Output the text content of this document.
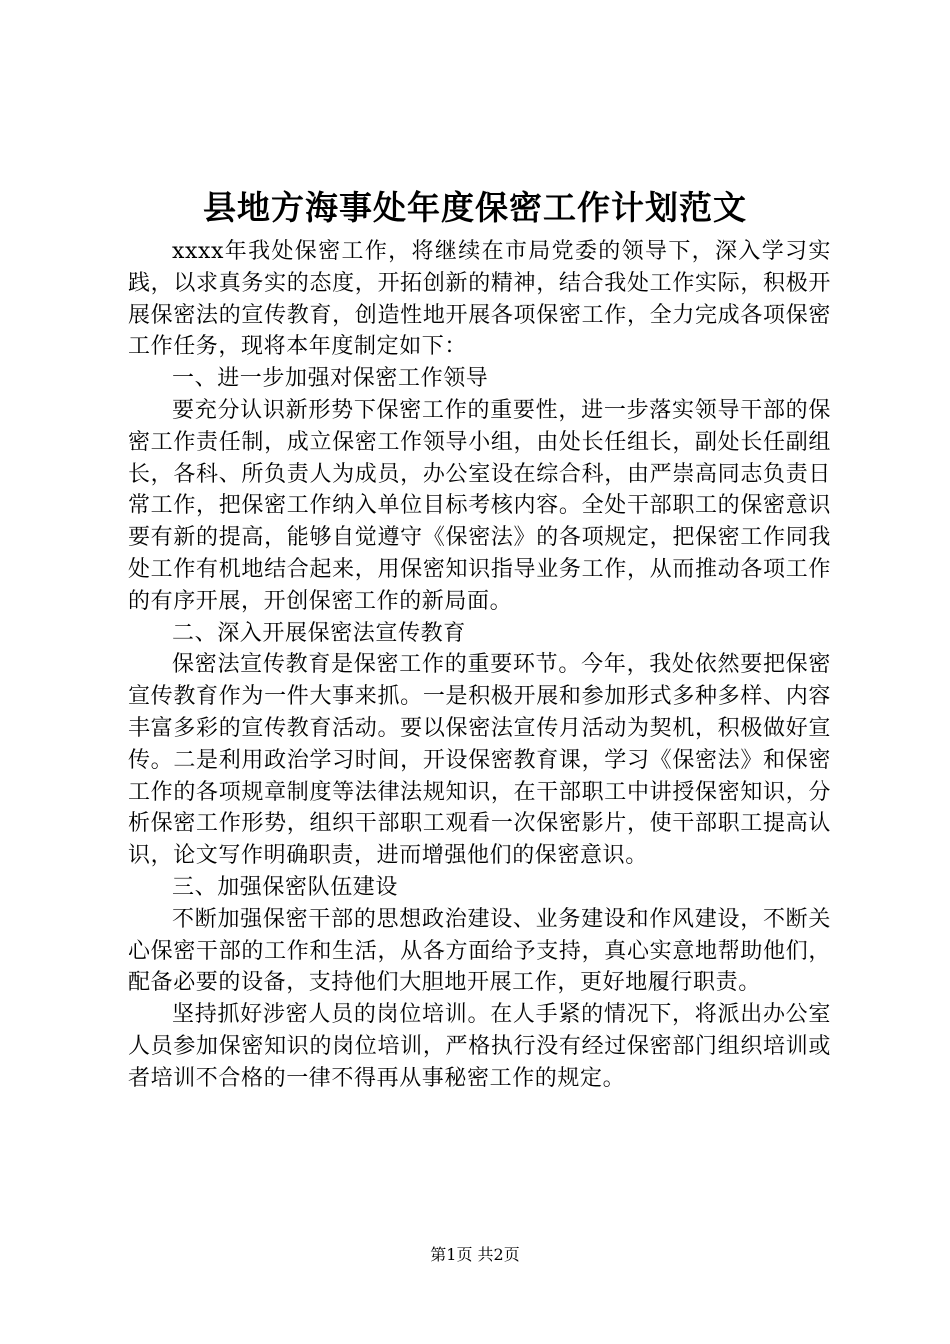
县地方海事处年度保密工作计划范文

xxxx年我处保密工作，将继续在市局党委的领导下，深入学习实践，以求真务实的态度，开拓创新的精神，结合我处工作实际，积极开展保密法的宣传教育，创造性地开展各项保密工作，全力完成各项保密工作任务，现将本年度制定如下：

一、进一步加强对保密工作领导

要充分认识新形势下保密工作的重要性，进一步落实领导干部的保密工作责任制，成立保密工作领导小组，由处长任组长，副处长任副组长，各科、所负责人为成员，办公室设在综合科，由严崇高同志负责日常工作，把保密工作纳入单位目标考核内容。全处干部职工的保密意识要有新的提高，能够自觉遵守《保密法》的各项规定，把保密工作同我处工作有机地结合起来，用保密知识指导业务工作，从而推动各项工作的有序开展，开创保密工作的新局面。

二、深入开展保密法宣传教育

保密法宣传教育是保密工作的重要环节。今年，我处依然要把保密宣传教育作为一件大事来抓。一是积极开展和参加形式多种多样、内容丰富多彩的宣传教育活动。要以保密法宣传月活动为契机，积极做好宣传。二是利用政治学习时间，开设保密教育课，学习《保密法》和保密工作的各项规章制度等法律法规知识，在干部职工中讲授保密知识，分析保密工作形势，组织干部职工观看一次保密影片，使干部职工提高认识，论文写作明确职责，进而增强他们的保密意识。

三、加强保密队伍建设

不断加强保密干部的思想政治建设、业务建设和作风建设，不断关心保密干部的工作和生活，从各方面给予支持，真心实意地帮助他们，配备必要的设备，支持他们大胆地开展工作，更好地履行职责。

坚持抓好涉密人员的岗位培训。在人手紧的情况下，将派出办公室人员参加保密知识的岗位培训，严格执行没有经过保密部门组织培训或者培训不合格的一律不得再从事秘密工作的规定。

第1页 共2页
